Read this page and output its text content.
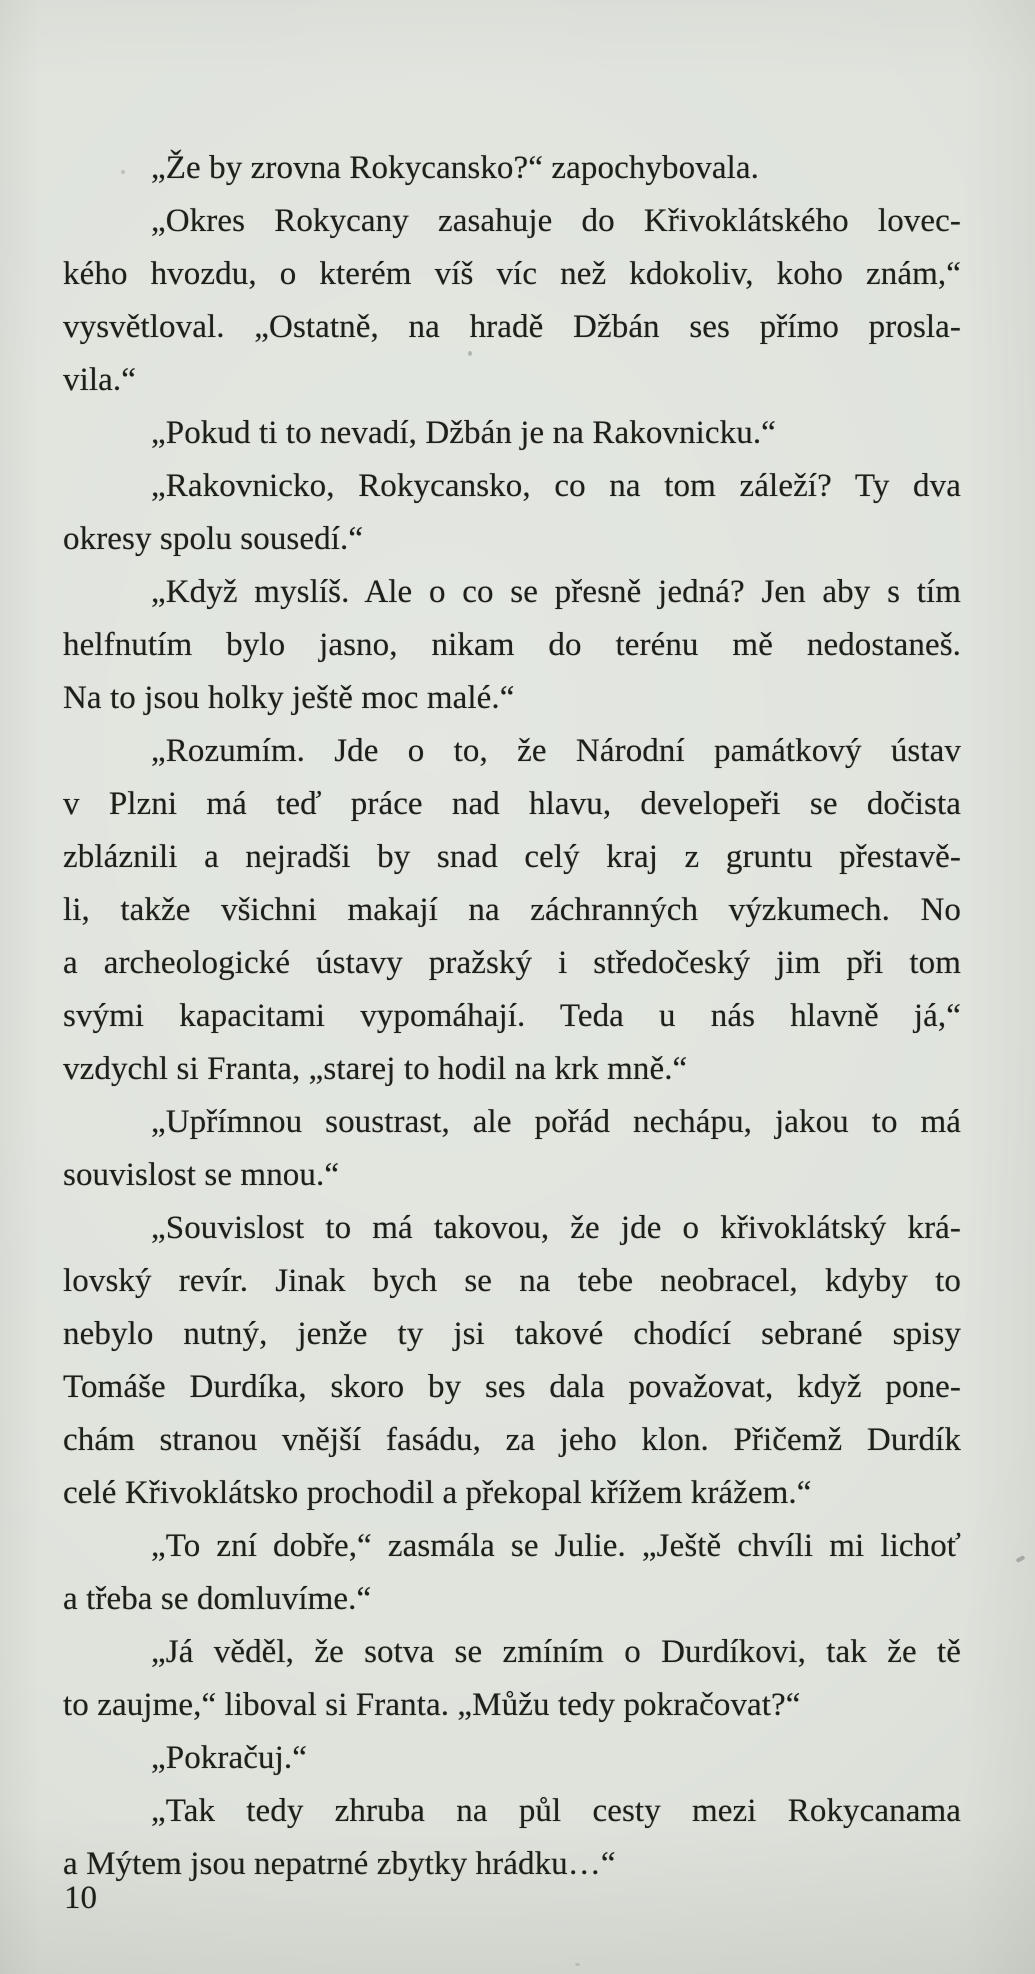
„Že by zrovna Rokycansko?“ zapochybovala.
„Okres Rokycany zasahuje do Křivoklátského lovec-
kého hvozdu, o kterém víš víc než kdokoliv, koho znám,“
vysvětloval. „Ostatně, na hradě Džbán ses přímo prosla-
vila.“
„Pokud ti to nevadí, Džbán je na Rakovnicku.“
„Rakovnicko, Rokycansko, co na tom záleží? Ty dva
okresy spolu sousedí.“
„Když myslíš. Ale o co se přesně jedná? Jen aby s tím
helfnutím bylo jasno, nikam do terénu mě nedostaneš.
Na to jsou holky ještě moc malé.“
„Rozumím. Jde o to, že Národní památkový ústav
v Plzni má teď práce nad hlavu, developeři se dočista
zbláznili a nejradši by snad celý kraj z gruntu přestavě-
li, takže všichni makají na záchranných výzkumech. No
a archeologické ústavy pražský i středočeský jim při tom
svými kapacitami vypomáhají. Teda u nás hlavně já,“
vzdychl si Franta, „starej to hodil na krk mně.“
„Upřímnou soustrast, ale pořád nechápu, jakou to má
souvislost se mnou.“
„Souvislost to má takovou, že jde o křivoklátský krá-
lovský revír. Jinak bych se na tebe neobracel, kdyby to
nebylo nutný, jenže ty jsi takové chodící sebrané spisy
Tomáše Durdíka, skoro by ses dala považovat, když pone-
chám stranou vnější fasádu, za jeho klon. Přičemž Durdík
celé Křivoklátsko prochodil a překopal křížem krážem.“
„To zní dobře,“ zasmála se Julie. „Ještě chvíli mi lichoť
a třeba se domluvíme.“
„Já věděl, že sotva se zmíním o Durdíkovi, tak že tě
to zaujme,“ liboval si Franta. „Můžu tedy pokračovat?“
„Pokračuj.“
„Tak tedy zhruba na půl cesty mezi Rokycanama
a Mýtem jsou nepatrné zbytky hrádku…“
10
